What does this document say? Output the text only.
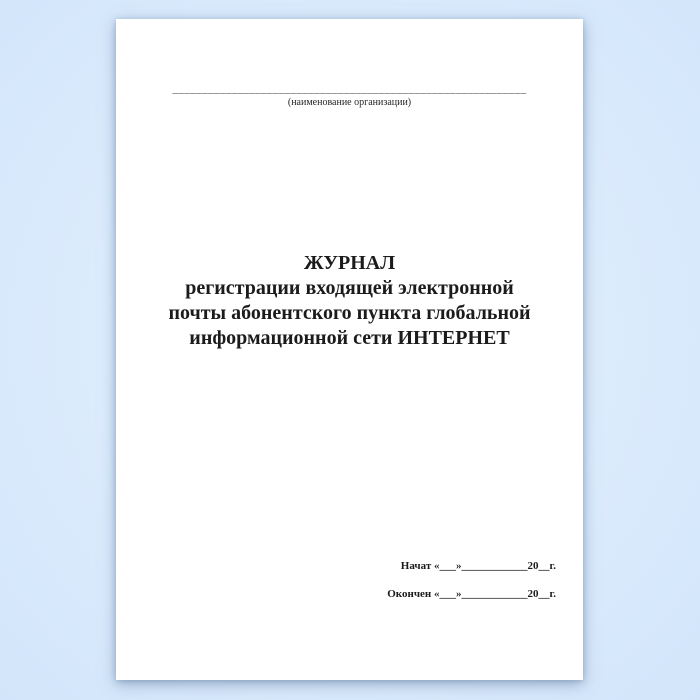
____________________________________________________________
(наименование организации)
ЖУРНАЛ
регистрации входящей электронной
почты абонентского пункта глобальной
информационной сети ИНТЕРНЕТ
Начат «___»____________20__г.
Окончен «___»____________20__г.
